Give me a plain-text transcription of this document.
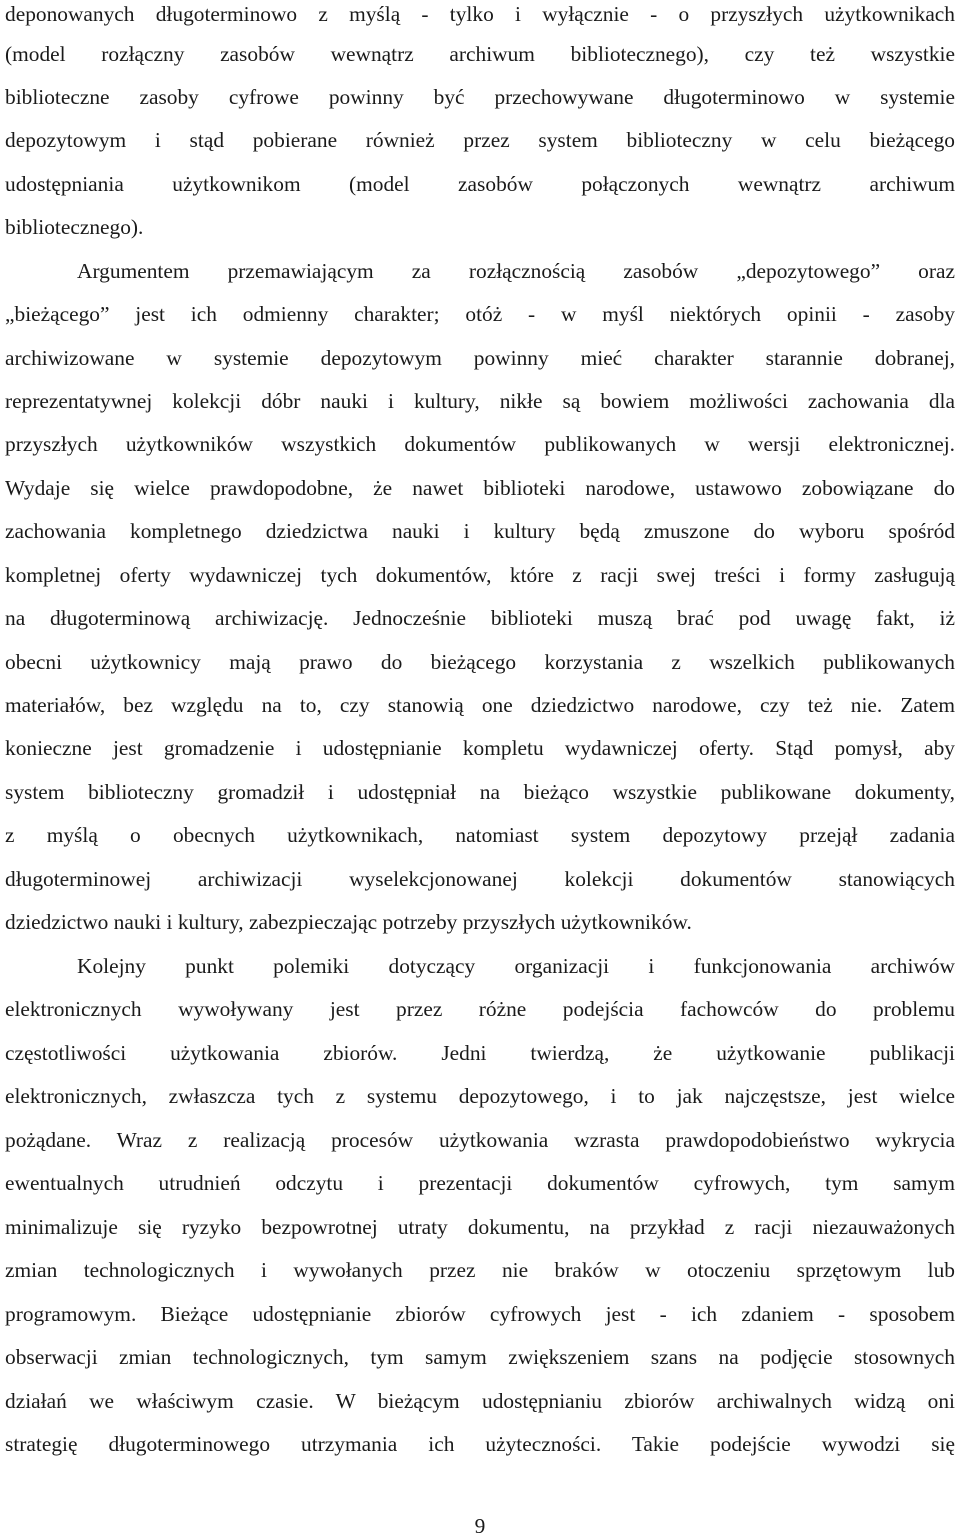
deponowanych długoterminowo z myślą - tylko i wyłącznie - o przyszłych użytkownikach
(model rozłączny zasobów wewnątrz archiwum bibliotecznego), czy też wszystkie
biblioteczne zasoby cyfrowe powinny być przechowywane długoterminowo w systemie
depozytowym i stąd pobierane również przez system biblioteczny w celu bieżącego
udostępniania użytkownikom (model zasobów połączonych wewnątrz archiwum
bibliotecznego).
Argumentem przemawiającym za rozłącznością zasobów „depozytowego” oraz
„bieżącego” jest ich odmienny charakter; otóż - w myśl niektórych opinii - zasoby
archiwizowane w systemie depozytowym powinny mieć charakter starannie dobranej,
reprezentatywnej kolekcji dóbr nauki i kultury, nikłe są bowiem możliwości zachowania dla
przyszłych użytkowników wszystkich dokumentów publikowanych w wersji elektronicznej.
Wydaje się wielce prawdopodobne, że nawet biblioteki narodowe, ustawowo zobowiązane do
zachowania kompletnego dziedzictwa nauki i kultury będą zmuszone do wyboru spośród
kompletnej oferty wydawniczej tych dokumentów, które z racji swej treści i formy zasługują
na długoterminową archiwizację. Jednocześnie biblioteki muszą brać pod uwagę fakt, iż
obecni użytkownicy mają prawo do bieżącego korzystania z wszelkich publikowanych
materiałów, bez względu na to, czy stanowią one dziedzictwo narodowe, czy też nie. Zatem
konieczne jest gromadzenie i udostępnianie kompletu wydawniczej oferty. Stąd pomysł, aby
system biblioteczny gromadził i udostępniał na bieżąco wszystkie publikowane dokumenty,
z myślą o obecnych użytkownikach, natomiast system depozytowy przejął zadania
długoterminowej archiwizacji wyselekcjonowanej kolekcji dokumentów stanowiących
dziedzictwo nauki i kultury, zabezpieczając potrzeby przyszłych użytkowników.
Kolejny punkt polemiki dotyczący organizacji i funkcjonowania archiwów
elektronicznych wywoływany jest przez różne podejścia fachowców do problemu
częstotliwości użytkowania zbiorów. Jedni twierdzą, że użytkowanie publikacji
elektronicznych, zwłaszcza tych z systemu depozytowego, i to jak najczęstsze, jest wielce
pożądane. Wraz z realizacją procesów użytkowania wzrasta prawdopodobieństwo wykrycia
ewentualnych utrudnień odczytu i prezentacji dokumentów cyfrowych, tym samym
minimalizuje się ryzyko bezpowrotnej utraty dokumentu, na przykład z racji niezauważonych
zmian technologicznych i wywołanych przez nie braków w otoczeniu sprzętowym lub
programowym. Bieżące udostępnianie zbiorów cyfrowych jest - ich zdaniem - sposobem
obserwacji zmian technologicznych, tym samym zwiększeniem szans na podjęcie stosownych
działań we właściwym czasie. W bieżącym udostępnianiu zbiorów archiwalnych widzą oni
strategię długoterminowego utrzymania ich użyteczności. Takie podejście wywodzi się
9
